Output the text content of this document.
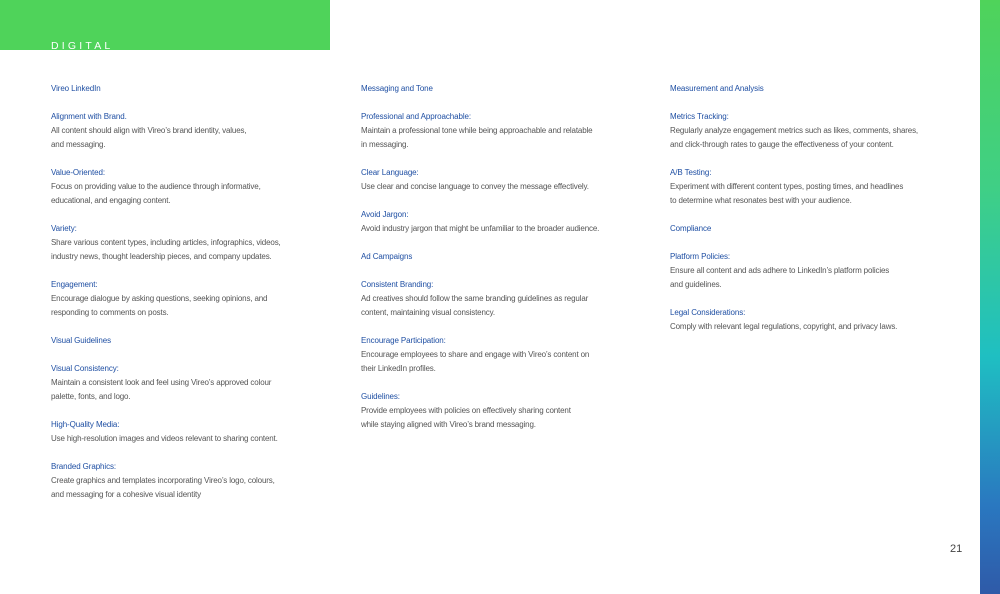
DIGITAL
Vireo LinkedIn
Alignment with Brand.
All content should align with Vireo’s brand identity, values,
and messaging.
Value-Oriented:
Focus on providing value to the audience through informative,
educational, and engaging content.
Variety:
Share various content types, including articles, infographics, videos,
industry news, thought leadership pieces, and company updates.
Engagement:
Encourage dialogue by asking questions, seeking opinions, and
responding to comments on posts.
Visual Guidelines
Visual Consistency:
Maintain a consistent look and feel using Vireo’s approved colour
palette, fonts, and logo.
High-Quality Media:
Use high-resolution images and videos relevant to sharing content.
Branded Graphics:
Create graphics and templates incorporating Vireo’s logo, colours,
and messaging for a cohesive visual identity
Messaging and Tone
Professional and Approachable:
Maintain a professional tone while being approachable and relatable
in messaging.
Clear Language:
Use clear and concise language to convey the message effectively.
Avoid Jargon:
Avoid industry jargon that might be unfamiliar to the broader audience.
Ad Campaigns
Consistent Branding:
Ad creatives should follow the same branding guidelines as regular
content, maintaining visual consistency.
Encourage Participation:
Encourage employees to share and engage with Vireo’s content on
their LinkedIn profiles.
Guidelines:
Provide employees with policies on effectively sharing content
while staying aligned with Vireo’s brand messaging.
Measurement and Analysis
Metrics Tracking:
Regularly analyze engagement metrics such as likes, comments, shares,
and click-through rates to gauge the effectiveness of your content.
A/B Testing:
Experiment with different content types, posting times, and headlines
to determine what resonates best with your audience.
Compliance
Platform Policies:
Ensure all content and ads adhere to LinkedIn’s platform policies
and guidelines.
Legal Considerations:
Comply with relevant legal regulations, copyright, and privacy laws.
21
